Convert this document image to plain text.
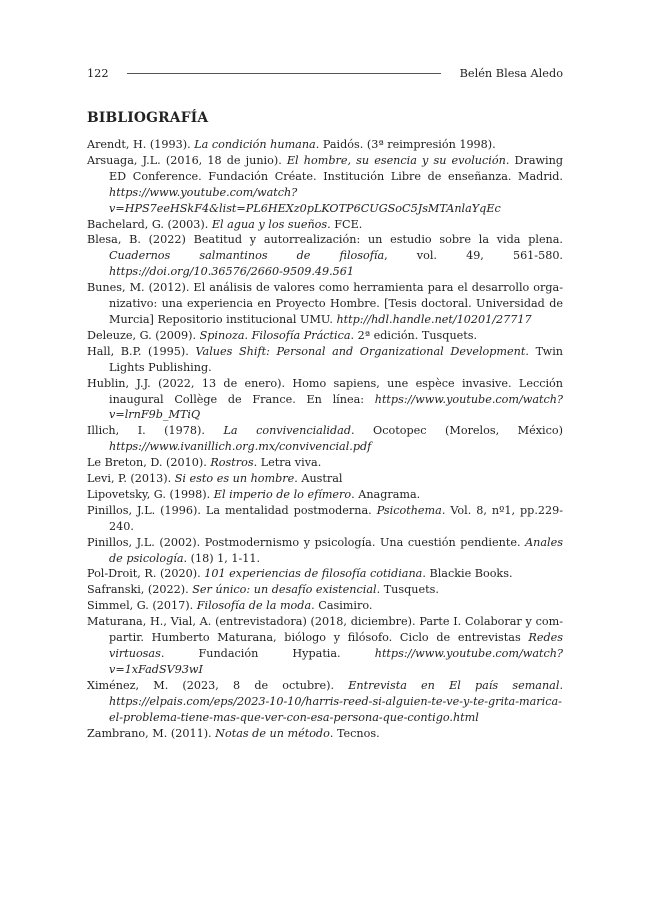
122	Belén Blesa Aledo
BIBLIOGRAFÍA
Arendt, H. (1993). La condición humana. Paidós. (3ª reimpresión 1998).
Arsuaga, J.L. (2016, 18 de junio). El hombre, su esencia y su evolución. Drawing ED Conference. Fundación Créate. Institución Libre de enseñanza. Madrid. https://www.youtube.com/watch?v=HPS7eeHSkF4&list=PL6HEXz0pLKOTP6CUGSoC5JsMTAnlaYqEc
Bachelard, G. (2003). El agua y los sueños. FCE.
Blesa, B. (2022) Beatitud y autorrealización: un estudio sobre la vida plena. Cuadernos salmantinos de filosofía, vol. 49, 561-580. https://doi.org/10.36576/2660-9509.49.561
Bunes, M. (2012). El análisis de valores como herramienta para el desarrollo organizativo: una experiencia en Proyecto Hombre. [Tesis doctoral. Universidad de Murcia] Repositorio institucional UMU. http://hdl.handle.net/10201/27717
Deleuze, G. (2009). Spinoza. Filosofía Práctica. 2ª edición. Tusquets.
Hall, B.P. (1995). Values Shift: Personal and Organizational Development. Twin Lights Publishing.
Hublin, J.J. (2022, 13 de enero). Homo sapiens, une espèce invasive. Lección inaugural Collège de France. En línea: https://www.youtube.com/watch?v=lrnF9b_MTiQ
Illich, I. (1978). La convivencialidad. Ocotopec (Morelos, México) https://www.ivanillich.org.mx/convivencial.pdf
Le Breton, D. (2010). Rostros. Letra viva.
Levi, P. (2013). Si esto es un hombre. Austral
Lipovetsky, G. (1998). El imperio de lo efímero. Anagrama.
Pinillos, J.L. (1996). La mentalidad postmoderna. Psicothema. Vol. 8, nº1, pp.229-240.
Pinillos, J.L. (2002). Postmodernismo y psicología. Una cuestión pendiente. Anales de psicología. (18) 1, 1-11.
Pol-Droit, R. (2020). 101 experiencias de filosofía cotidiana. Blackie Books.
Safranski, (2022). Ser único: un desafío existencial. Tusquets.
Simmel, G. (2017). Filosofía de la moda. Casimiro.
Maturana, H., Vial, A. (entrevistadora) (2018, diciembre). Parte I. Colaborar y compartir. Humberto Maturana, biólogo y filósofo. Ciclo de entrevistas Redes virtuosas. Fundación Hypatia. https://www.youtube.com/watch?v=1xFadSV93wI
Ximénez, M. (2023, 8 de octubre). Entrevista en El país semanal. https://elpais.com/eps/2023-10-10/harris-reed-si-alguien-te-ve-y-te-grita-marica-el-problema-tiene-mas-que-ver-con-esa-persona-que-contigo.html
Zambrano, M. (2011). Notas de un método. Tecnos.
